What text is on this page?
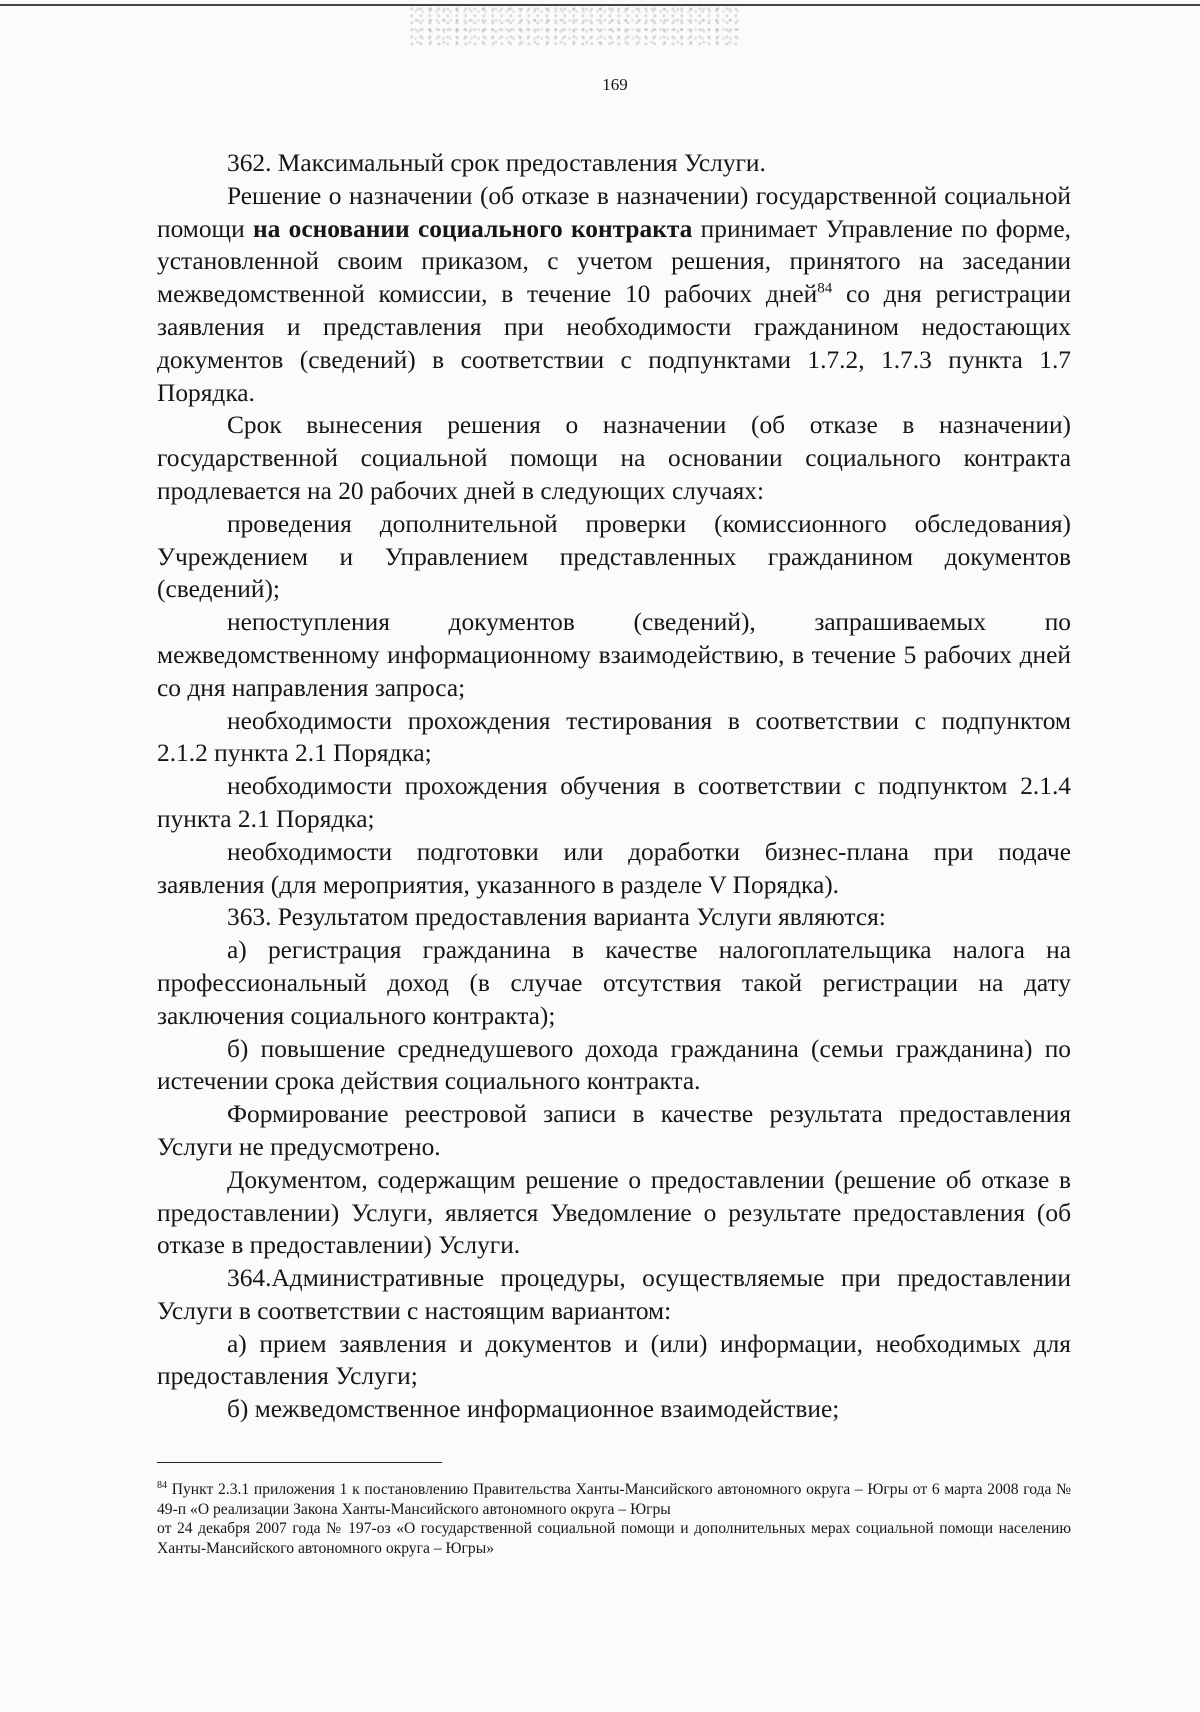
169

362. Максимальный срок предоставления Услуги.

Решение о назначении (об отказе в назначении) государственной социальной помощи на основании социального контракта принимает Управление по форме, установленной своим приказом, с учетом решения, принятого на заседании межведомственной комиссии, в течение 10 рабочих дней$^{84}$ со дня регистрации заявления и представления при необходимости гражданином недостающих документов (сведений) в соответствии с подпунктами 1.7.2, 1.7.3 пункта 1.7 Порядка.

Срок вынесения решения о назначении (об отказе в назначении) государственной социальной помощи на основании социального контракта продлевается на 20 рабочих дней в следующих случаях:

проведения дополнительной проверки (комиссионного обследования) Учреждением и Управлением представленных гражданином документов (сведений);

непоступления документов (сведений), запрашиваемых по межведомственному информационному взаимодействию, в течение 5 рабочих дней со дня направления запроса;

необходимости прохождения тестирования в соответствии с подпунктом 2.1.2 пункта 2.1 Порядка;

необходимости прохождения обучения в соответствии с подпунктом 2.1.4 пункта 2.1 Порядка;

необходимости подготовки или доработки бизнес-плана при подаче заявления (для мероприятия, указанного в разделе V Порядка).

363. Результатом предоставления варианта Услуги являются:

а) регистрация гражданина в качестве налогоплательщика налога на профессиональный доход (в случае отсутствия такой регистрации на дату заключения социального контракта);

б) повышение среднедушевого дохода гражданина (семьи гражданина) по истечении срока действия социального контракта.

Формирование реестровой записи в качестве результата предоставления Услуги не предусмотрено.

Документом, содержащим решение о предоставлении (решение об отказе в предоставлении) Услуги, является Уведомление о результате предоставления (об отказе в предоставлении) Услуги.

364.Административные процедуры, осуществляемые при предоставлении Услуги в соответствии с настоящим вариантом:

а) прием заявления и документов и (или) информации, необходимых для предоставления Услуги;

б) межведомственное информационное взаимодействие;

$^{84}$ Пункт 2.3.1 приложения 1 к постановлению Правительства Ханты-Мансийского автономного округа – Югры от 6 марта 2008 года № 49-п «О реализации Закона Ханты-Мансийского автономного округа – Югры

от 24 декабря 2007 года № 197-оз «О государственной социальной помощи и дополнительных мерах социальной помощи населению Ханты-Мансийского автономного округа – Югры»
